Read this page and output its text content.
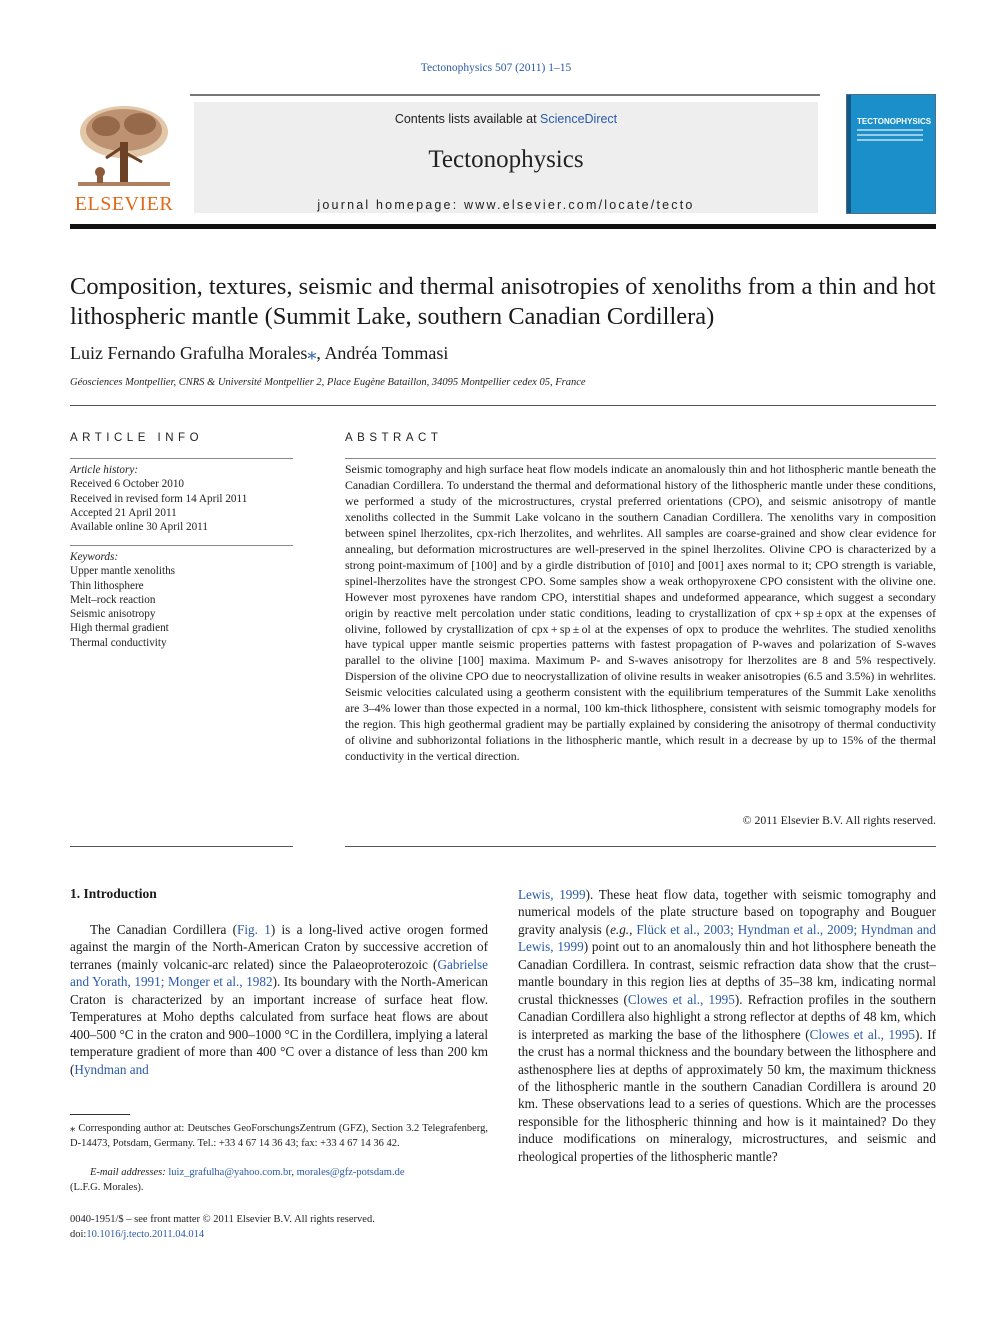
Tectonophysics 507 (2011) 1–15
ELSEVIER
Contents lists available at ScienceDirect
Tectonophysics
journal homepage: www.elsevier.com/locate/tecto
TECTONOPHYSICS
Composition, textures, seismic and thermal anisotropies of xenoliths from a thin and hot lithospheric mantle (Summit Lake, southern Canadian Cordillera)
Luiz Fernando Grafulha Morales⁎, Andréa Tommasi
Géosciences Montpellier, CNRS & Université Montpellier 2, Place Eugène Bataillon, 34095 Montpellier cedex 05, France
ARTICLE INFO
Article history:
Received 6 October 2010
Received in revised form 14 April 2011
Accepted 21 April 2011
Available online 30 April 2011
Keywords:
Upper mantle xenoliths
Thin lithosphere
Melt–rock reaction
Seismic anisotropy
High thermal gradient
Thermal conductivity
ABSTRACT
Seismic tomography and high surface heat flow models indicate an anomalously thin and hot lithospheric mantle beneath the Canadian Cordillera. To understand the thermal and deformational history of the lithospheric mantle under these conditions, we performed a study of the microstructures, crystal preferred orientations (CPO), and seismic anisotropy of mantle xenoliths collected in the Summit Lake volcano in the southern Canadian Cordillera. The xenoliths vary in composition between spinel lherzolites, cpx-rich lherzolites, and wehrlites. All samples are coarse-grained and show clear evidence for annealing, but deformation microstructures are well-preserved in the spinel lherzolites. Olivine CPO is characterized by a strong point-maximum of [100] and by a girdle distribution of [010] and [001] axes normal to it; CPO strength is variable, spinel-lherzolites have the strongest CPO. Some samples show a weak orthopyroxene CPO consistent with the olivine one. However most pyroxenes have random CPO, interstitial shapes and undeformed appearance, which suggest a secondary origin by reactive melt percolation under static conditions, leading to crystallization of cpx + sp ± opx at the expenses of olivine, followed by crystallization of cpx + sp ± ol at the expenses of opx to produce the wehrlites. The studied xenoliths have typical upper mantle seismic properties patterns with fastest propagation of P-waves and polarization of S-waves parallel to the olivine [100] maxima. Maximum P- and S-waves anisotropy for lherzolites are 8 and 5% respectively. Dispersion of the olivine CPO due to neocrystallization of olivine results in weaker anisotropies (6.5 and 3.5%) in wehrlites. Seismic velocities calculated using a geotherm consistent with the equilibrium temperatures of the Summit Lake xenoliths are 3–4% lower than those expected in a normal, 100 km-thick lithosphere, consistent with seismic tomography models for the region. This high geothermal gradient may be partially explained by considering the anisotropy of thermal conductivity of olivine and subhorizontal foliations in the lithospheric mantle, which result in a decrease by up to 15% of the thermal conductivity in the vertical direction.
© 2011 Elsevier B.V. All rights reserved.
1. Introduction
The Canadian Cordillera (Fig. 1) is a long-lived active orogen formed against the margin of the North-American Craton by successive accretion of terranes (mainly volcanic-arc related) since the Palaeoproterozoic (Gabrielse and Yorath, 1991; Monger et al., 1982). Its boundary with the North-American Craton is characterized by an important increase of surface heat flow. Temperatures at Moho depths calculated from surface heat flows are about 400–500 °C in the craton and 900–1000 °C in the Cordillera, implying a lateral temperature gradient of more than 400 °C over a distance of less than 200 km (Hyndman and
Lewis, 1999). These heat flow data, together with seismic tomography and numerical models of the plate structure based on topography and Bouguer gravity analysis (e.g., Flück et al., 2003; Hyndman et al., 2009; Hyndman and Lewis, 1999) point out to an anomalously thin and hot lithosphere beneath the Canadian Cordillera. In contrast, seismic refraction data show that the crust–mantle boundary in this region lies at depths of 35–38 km, indicating normal crustal thicknesses (Clowes et al., 1995). Refraction profiles in the southern Canadian Cordillera also highlight a strong reflector at depths of 48 km, which is interpreted as marking the base of the lithosphere (Clowes et al., 1995). If the crust has a normal thickness and the boundary between the lithosphere and asthenosphere lies at depths of approximately 50 km, the maximum thickness of the lithospheric mantle in the southern Canadian Cordillera is around 20 km. These observations lead to a series of questions. Which are the processes responsible for the lithospheric thinning and how is it maintained? Do they induce modifications on mineralogy, microstructures, and seismic and rheological properties of the lithospheric mantle?
⁎ Corresponding author at: Deutsches GeoForschungsZentrum (GFZ), Section 3.2 Telegrafenberg, D-14473, Potsdam, Germany. Tel.: +33 4 67 14 36 43; fax: +33 4 67 14 36 42.
E-mail addresses: luiz_grafulha@yahoo.com.br, morales@gfz-potsdam.de
(L.F.G. Morales).
0040-1951/$ – see front matter © 2011 Elsevier B.V. All rights reserved.
doi:10.1016/j.tecto.2011.04.014
